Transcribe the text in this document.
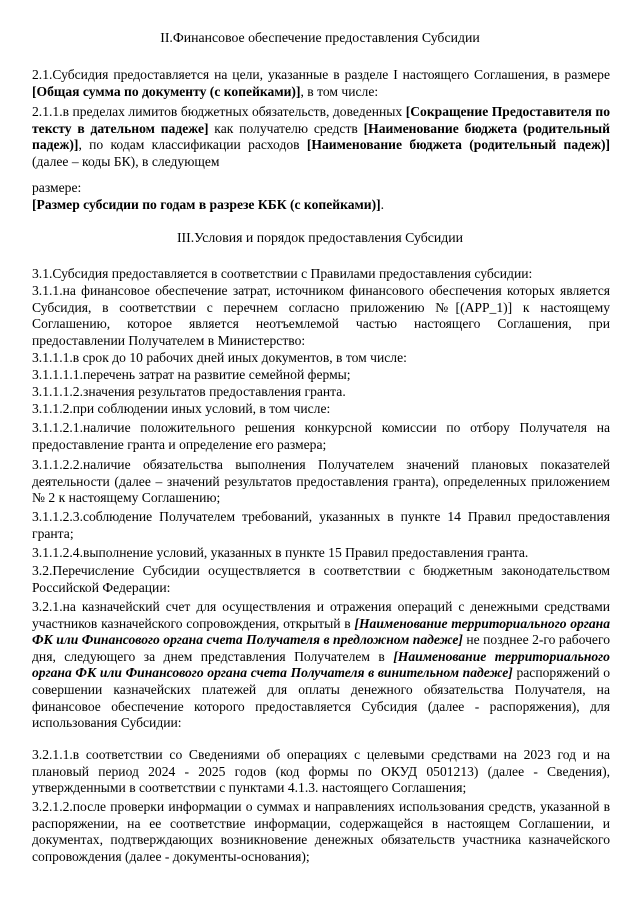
II.Финансовое обеспечение предоставления Субсидии
2.1.Субсидия предоставляется на цели, указанные в разделе I настоящего Соглашения, в размере [Общая сумма по документу (с копейками)], в том числе:
2.1.1.в пределах лимитов бюджетных обязательств, доведенных [Сокращение Предоставителя по тексту в дательном падеже] как получателю средств [Наименование бюджета (родительный падеж)], по кодам классификации расходов [Наименование бюджета (родительный падеж)] (далее – коды БК), в следующем
размере:
[Размер субсидии по годам в разрезе КБК (с копейками)].
III.Условия и порядок предоставления Субсидии
3.1.Субсидия предоставляется в соответствии с Правилами предоставления субсидии:
3.1.1.на финансовое обеспечение затрат, источником финансового обеспечения которых является Субсидия, в соответствии с перечнем согласно приложению №[(APP_1)] к настоящему Соглашению, которое является неотъемлемой частью настоящего Соглашения, при предоставлении Получателем в Министерство:
3.1.1.1.в срок до 10 рабочих дней иных документов, в том числе:
3.1.1.1.1.перечень затрат на развитие семейной фермы;
3.1.1.1.2.значения результатов предоставления гранта.
3.1.1.2.при соблюдении иных условий, в том числе:
3.1.1.2.1.наличие положительного решения конкурсной комиссии по отбору Получателя на предоставление гранта и определение его размера;
3.1.1.2.2.наличие обязательства выполнения Получателем значений плановых показателей деятельности (далее – значений результатов предоставления гранта), определенных приложением № 2 к настоящему Соглашению;
3.1.1.2.3.соблюдение Получателем требований, указанных в пункте 14 Правил предоставления гранта;
3.1.1.2.4.выполнение условий, указанных в пункте 15 Правил предоставления гранта.
3.2.Перечисление Субсидии осуществляется в соответствии с бюджетным законодательством Российской Федерации:
3.2.1.на казначейский счет для осуществления и отражения операций с денежными средствами участников казначейского сопровождения, открытый в [Наименование территориального органа ФК или Финансового органа счета Получателя в предложном падеже] не позднее 2-го рабочего дня, следующего за днем представления Получателем в [Наименование территориального органа ФК или Финансового органа счета Получателя в винительном падеже] распоряжений о совершении казначейских платежей для оплаты денежного обязательства Получателя, на финансовое обеспечение которого предоставляется Субсидия (далее - распоряжения), для использования Субсидии:
3.2.1.1.в соответствии со Сведениями об операциях с целевыми средствами на 2023 год и на плановый период 2024 - 2025 годов (код формы по ОКУД 0501213) (далее - Сведения), утвержденными в соответствии с пунктами 4.1.3. настоящего Соглашения;
3.2.1.2.после проверки информации о суммах и направлениях использования средств, указанной в распоряжении, на ее соответствие информации, содержащейся в настоящем Соглашении, и документах, подтверждающих возникновение денежных обязательств участника казначейского сопровождения (далее - документы-основания);
